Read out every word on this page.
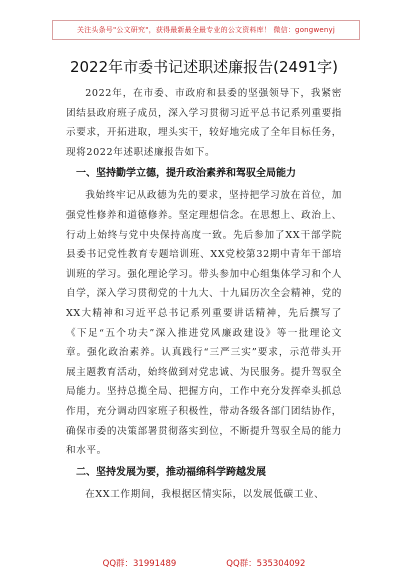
关注头条号"公文研究"，获得最新最全最专业的公文资料库！ 微信：gongwenyj
2022年市委书记述职述廉报告(2491字)

2022年，在市委、市政府和县委的坚强领导下，我紧密团结县政府班子成员，深入学习贯彻习近平总书记系列重要指示要求，开拓进取，埋头实干，较好地完成了全年目标任务，现将2022年述职述廉报告如下。

一、坚持勤学立德，提升政治素养和驾驭全局能力

我始终牢记从政德为先的要求，坚持把学习放在首位，加强党性修养和道德修养。坚定理想信念。在思想上、政治上、行动上始终与党中央保持高度一致。先后参加了XX干部学院县委书记党性教育专题培训班、XX党校第32期中青年干部培训班的学习。强化理论学习。带头参加中心组集体学习和个人自学，深入学习贯彻党的十九大、十九届历次全会精神，党的XX大精神和习近平总书记系列重要讲话精神，先后撰写了《下足“五个功夫”深入推进党风廉政建设》等一批理论文章。强化政治素养。认真践行“三严三实”要求，示范带头开展主题教育活动，始终做到对党忠诚、为民服务。提升驾驭全局能力。坚持总揽全局、把握方向，工作中充分发挥牵头抓总作用，充分调动四家班子积极性，带动各级各部门团结协作，确保市委的决策部署贯彻落实到位，不断提升驾驭全局的能力和水平。

二、坚持发展为要，推动福绵科学跨越发展

在XX工作期间，我根据区情实际，以发展低碳工业、

QQ群：31991489	QQ群：535304092
